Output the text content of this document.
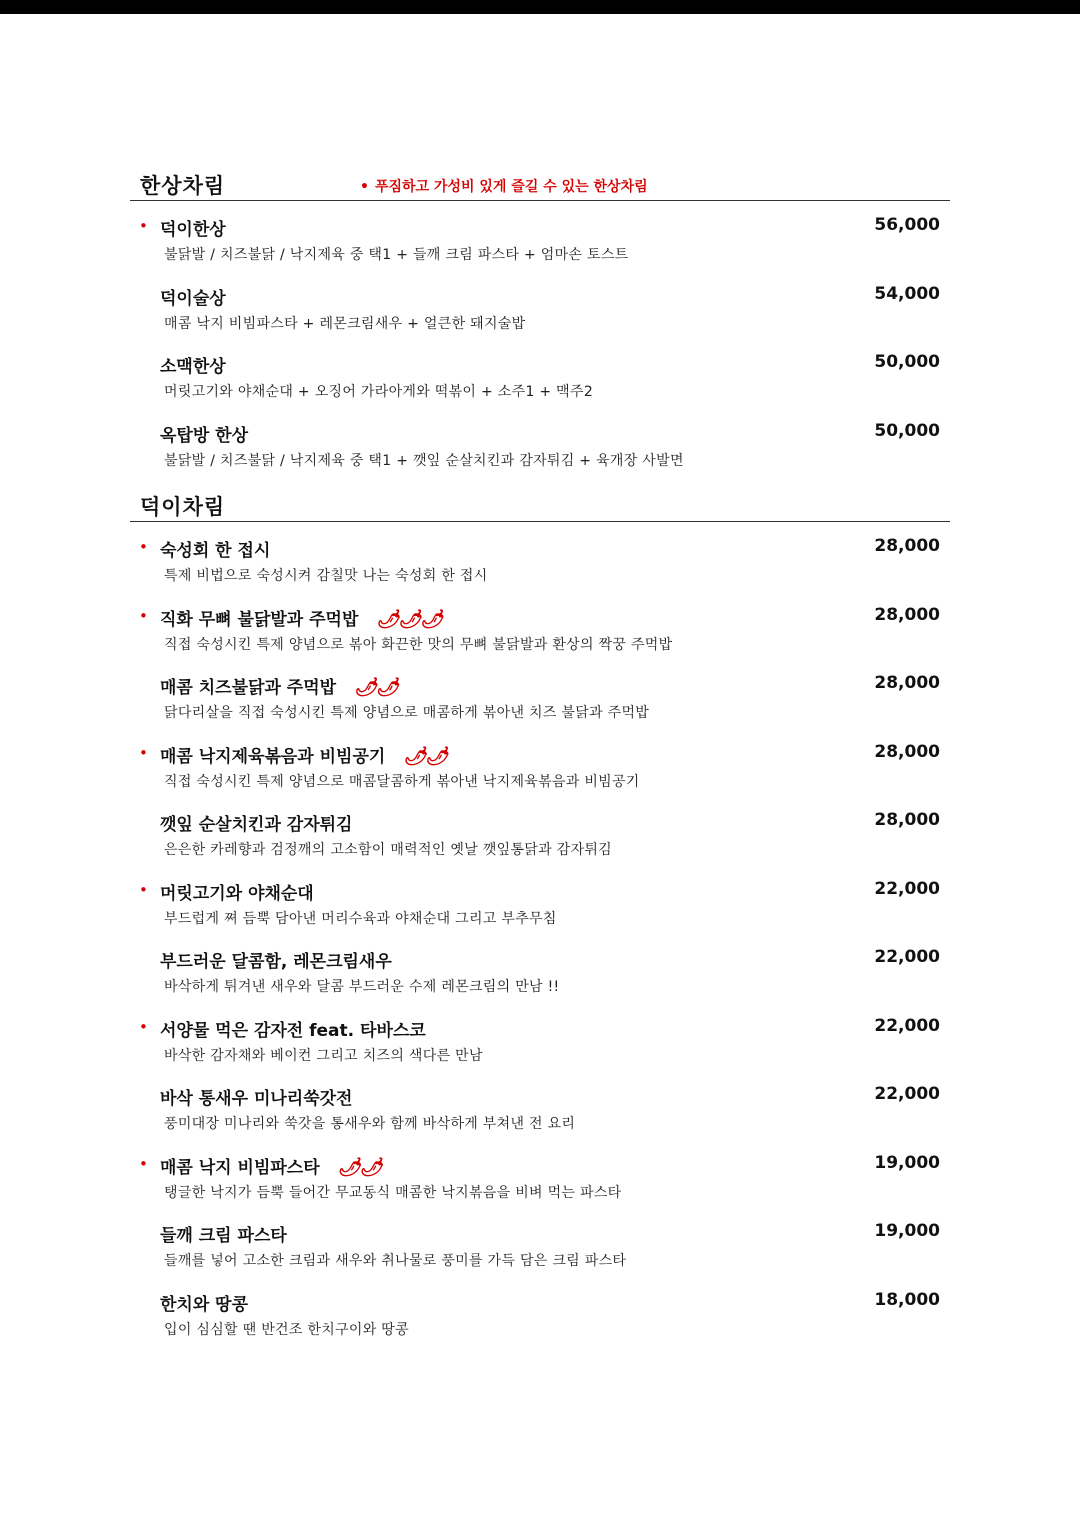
한상차림	• 푸짐하고 가성비 있게 즐길 수 있는 한상차림
• 덕이한상	56,000
불닭발 / 치즈불닭 / 낙지제육 중 택1 + 들깨 크림 파스타 + 엄마손 토스트
덕이술상	54,000
매콤 낙지 비빔파스타 + 레몬크림새우 + 얼큰한 돼지술밥
소맥한상	50,000
머릿고기와 야채순대 + 오징어 가라아게와 떡볶이 + 소주1 + 맥주2
옥탑방 한상	50,000
불닭발 / 치즈불닭 / 낙지제육 중 택1 + 깻잎 순살치킨과 감자튀김 + 육개장 사발면
덕이차림
• 숙성회 한 접시	28,000
특제 비법으로 숙성시켜 감칠맛 나는 숙성회 한 접시
• 직화 무뼈 불닭발과 주먹밥 🌶🌶🌶	28,000
직접 숙성시킨 특제 양념으로 볶아 화끈한 맛의 무뼈 불닭발과 환상의 짝꿍 주먹밥
매콤 치즈불닭과 주먹밥 🌶🌶	28,000
닭다리살을 직접 숙성시킨 특제 양념으로 매콤하게 볶아낸 치즈 불닭과 주먹밥
• 매콤 낙지제육볶음과 비빔공기 🌶🌶	28,000
직접 숙성시킨 특제 양념으로 매콤달콤하게 볶아낸 낙지제육볶음과 비빔공기
깻잎 순살치킨과 감자튀김	28,000
은은한 카레향과 검정깨의 고소함이 매력적인 옛날 깻잎통닭과 감자튀김
• 머릿고기와 야채순대	22,000
부드럽게 쪄 듬뿍 담아낸 머리수육과 야채순대 그리고 부추무침
부드러운 달콤함, 레몬크림새우	22,000
바삭하게 튀겨낸 새우와 달콤 부드러운 수제 레몬크림의 만남 !!
• 서양물 먹은 감자전 feat. 타바스코	22,000
바삭한 감자채와 베이컨 그리고 치즈의 색다른 만남
바삭 통새우 미나리쑥갓전	22,000
풍미대장 미나리와 쑥갓을 통새우와 함께 바삭하게 부쳐낸 전 요리
• 매콤 낙지 비빔파스타 🌶🌶	19,000
탱글한 낙지가 듬뿍 들어간 무교동식 매콤한 낙지볶음을 비벼 먹는 파스타
들깨 크림 파스타	19,000
들깨를 넣어 고소한 크림과 새우와 취나물로 풍미를 가득 담은 크림 파스타
한치와 땅콩	18,000
입이 심심할 땐 반건조 한치구이와 땅콩
